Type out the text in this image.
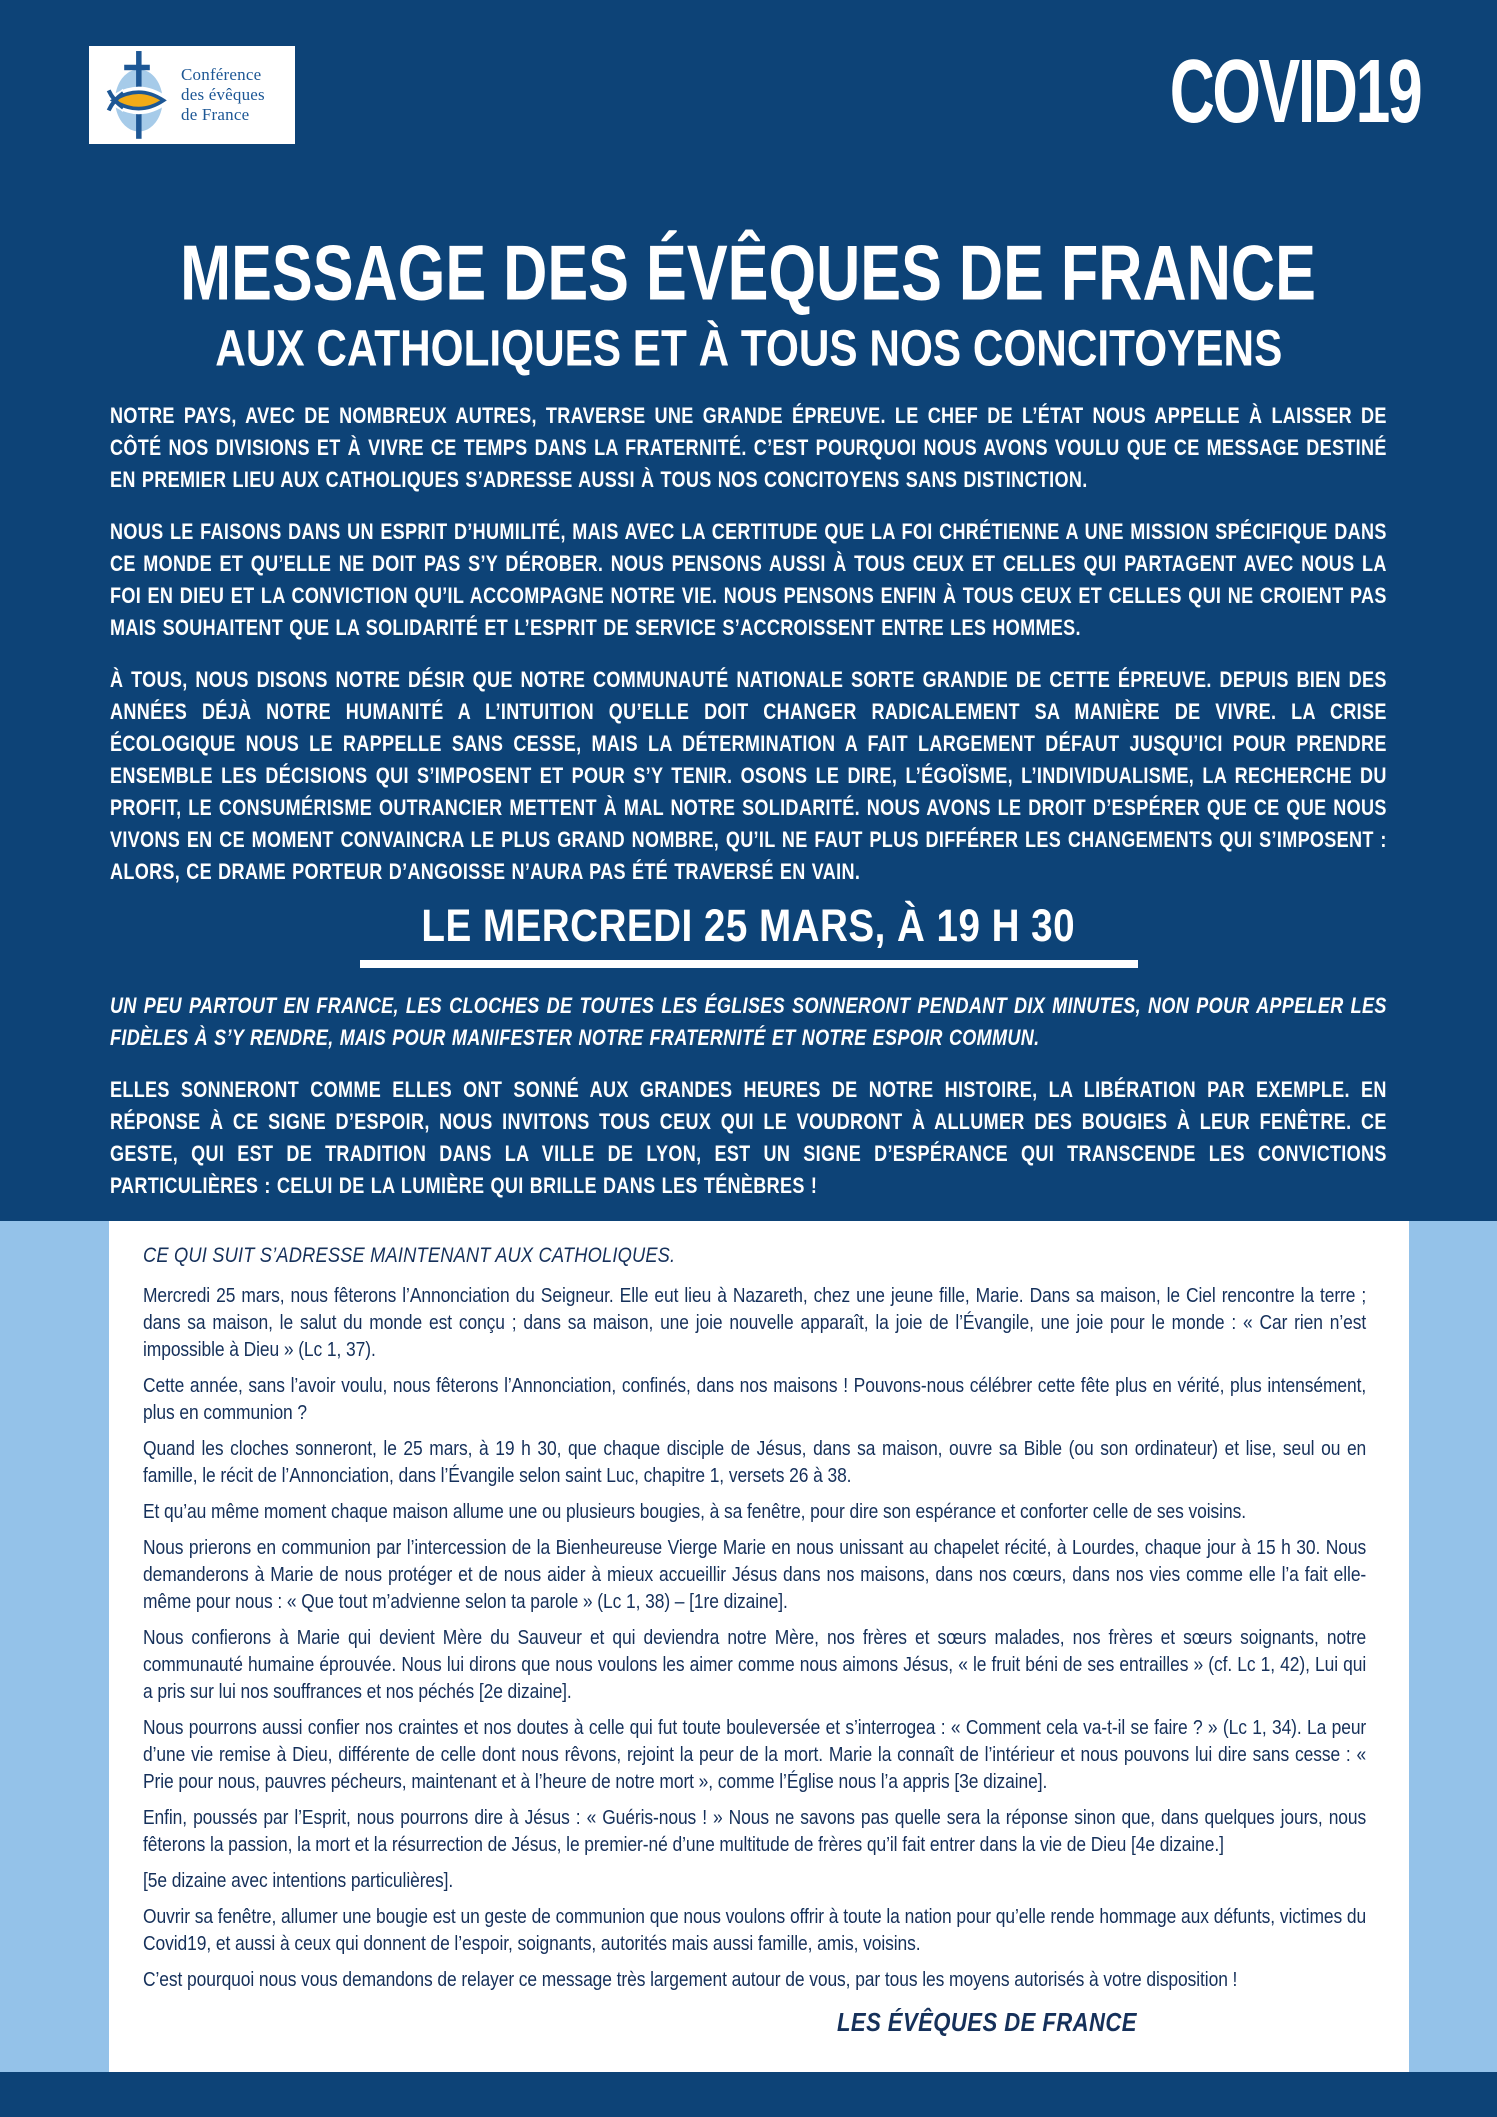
Conférence
des évêques
de France	COVID19
MESSAGE DES ÉVÊQUES DE FRANCE
AUX CATHOLIQUES ET À TOUS NOS CONCITOYENS

NOTRE PAYS, AVEC DE NOMBREUX AUTRES, TRAVERSE UNE GRANDE ÉPREUVE. LE CHEF DE L’ÉTAT NOUS APPELLE À LAISSER DE CÔTÉ NOS DIVISIONS ET À VIVRE CE TEMPS DANS LA FRATERNITÉ. C’EST POURQUOI NOUS AVONS VOULU QUE CE MESSAGE DESTINÉ EN PREMIER LIEU AUX CATHOLIQUES S’ADRESSE AUSSI À TOUS NOS CONCITOYENS SANS DISTINCTION.

NOUS LE FAISONS DANS UN ESPRIT D’HUMILITÉ, MAIS AVEC LA CERTITUDE QUE LA FOI CHRÉTIENNE A UNE MISSION SPÉCIFIQUE DANS CE MONDE ET QU’ELLE NE DOIT PAS S’Y DÉROBER. NOUS PENSONS AUSSI À TOUS CEUX ET CELLES QUI PARTAGENT AVEC NOUS LA FOI EN DIEU ET LA CONVICTION QU’IL ACCOMPAGNE NOTRE VIE. NOUS PENSONS ENFIN À TOUS CEUX ET CELLES QUI NE CROIENT PAS MAIS SOUHAITENT QUE LA SOLIDARITÉ ET L’ESPRIT DE SERVICE S’ACCROISSENT ENTRE LES HOMMES.

À TOUS, NOUS DISONS NOTRE DÉSIR QUE NOTRE COMMUNAUTÉ NATIONALE SORTE GRANDIE DE CETTE ÉPREUVE. DEPUIS BIEN DES ANNÉES DÉJÀ NOTRE HUMANITÉ A L’INTUITION QU’ELLE DOIT CHANGER RADICALEMENT SA MANIÈRE DE VIVRE. LA CRISE ÉCOLOGIQUE NOUS LE RAPPELLE SANS CESSE, MAIS LA DÉTERMINATION A FAIT LARGEMENT DÉFAUT JUSQU’ICI POUR PRENDRE ENSEMBLE LES DÉCISIONS QUI S’IMPOSENT ET POUR S’Y TENIR. OSONS LE DIRE, L’ÉGOÏSME, L’INDIVIDUALISME, LA RECHERCHE DU PROFIT, LE CONSUMÉRISME OUTRANCIER METTENT À MAL NOTRE SOLIDARITÉ. NOUS AVONS LE DROIT D’ESPÉRER QUE CE QUE NOUS VIVONS EN CE MOMENT CONVAINCRA LE PLUS GRAND NOMBRE, QU’IL NE FAUT PLUS DIFFÉRER LES CHANGEMENTS QUI S’IMPOSENT : ALORS, CE DRAME PORTEUR D’ANGOISSE N’AURA PAS ÉTÉ TRAVERSÉ EN VAIN.

LE MERCREDI 25 MARS, À 19 H 30

UN PEU PARTOUT EN FRANCE, LES CLOCHES DE TOUTES LES ÉGLISES SONNERONT PENDANT DIX MINUTES, NON POUR APPELER LES FIDÈLES À S’Y RENDRE, MAIS POUR MANIFESTER NOTRE FRATERNITÉ ET NOTRE ESPOIR COMMUN.

ELLES SONNERONT COMME ELLES ONT SONNÉ AUX GRANDES HEURES DE NOTRE HISTOIRE, LA LIBÉRATION PAR EXEMPLE. EN RÉPONSE À CE SIGNE D’ESPOIR, NOUS INVITONS TOUS CEUX QUI LE VOUDRONT À ALLUMER DES BOUGIES À LEUR FENÊTRE. CE GESTE, QUI EST DE TRADITION DANS LA VILLE DE LYON, EST UN SIGNE D’ESPÉRANCE QUI TRANSCENDE LES CONVICTIONS PARTICULIÈRES : CELUI DE LA LUMIÈRE QUI BRILLE DANS LES TÉNÈBRES !

CE QUI SUIT S’ADRESSE MAINTENANT AUX CATHOLIQUES.

Mercredi 25 mars, nous fêterons l’Annonciation du Seigneur. Elle eut lieu à Nazareth, chez une jeune fille, Marie. Dans sa maison, le Ciel rencontre la terre ; dans sa maison, le salut du monde est conçu ; dans sa maison, une joie nouvelle apparaît, la joie de l’Évangile, une joie pour le monde : « Car rien n’est impossible à Dieu » (Lc 1, 37).

Cette année, sans l’avoir voulu, nous fêterons l’Annonciation, confinés, dans nos maisons ! Pouvons-nous célébrer cette fête plus en vérité, plus intensément, plus en communion ?

Quand les cloches sonneront, le 25 mars, à 19 h 30, que chaque disciple de Jésus, dans sa maison, ouvre sa Bible (ou son ordinateur) et lise, seul ou en famille, le récit de l’Annonciation, dans l’Évangile selon saint Luc, chapitre 1, versets 26 à 38.

Et qu’au même moment chaque maison allume une ou plusieurs bougies, à sa fenêtre, pour dire son espérance et conforter celle de ses voisins.

Nous prierons en communion par l’intercession de la Bienheureuse Vierge Marie en nous unissant au chapelet récité, à Lourdes, chaque jour à 15 h 30. Nous demanderons à Marie de nous protéger et de nous aider à mieux accueillir Jésus dans nos maisons, dans nos cœurs, dans nos vies comme elle l’a fait elle-même pour nous : « Que tout m’advienne selon ta parole » (Lc 1, 38) – [1re dizaine].

Nous confierons à Marie qui devient Mère du Sauveur et qui deviendra notre Mère, nos frères et sœurs malades, nos frères et sœurs soignants, notre communauté humaine éprouvée. Nous lui dirons que nous voulons les aimer comme nous aimons Jésus, « le fruit béni de ses entrailles » (cf. Lc 1, 42), Lui qui a pris sur lui nos souffrances et nos péchés [2e dizaine].

Nous pourrons aussi confier nos craintes et nos doutes à celle qui fut toute bouleversée et s’interrogea : « Comment cela va-t-il se faire ? » (Lc 1, 34). La peur d’une vie remise à Dieu, différente de celle dont nous rêvons, rejoint la peur de la mort. Marie la connaît de l’intérieur et nous pouvons lui dire sans cesse : « Prie pour nous, pauvres pécheurs, maintenant et à l’heure de notre mort », comme l’Église nous l’a appris [3e dizaine].

Enfin, poussés par l’Esprit, nous pourrons dire à Jésus : « Guéris-nous ! » Nous ne savons pas quelle sera la réponse sinon que, dans quelques jours, nous fêterons la passion, la mort et la résurrection de Jésus, le premier-né d’une multitude de frères qu’il fait entrer dans la vie de Dieu [4e dizaine.]

[5e dizaine avec intentions particulières].

Ouvrir sa fenêtre, allumer une bougie est un geste de communion que nous voulons offrir à toute la nation pour qu’elle rende hommage aux défunts, victimes du Covid19, et aussi à ceux qui donnent de l’espoir, soignants, autorités mais aussi famille, amis, voisins.

C’est pourquoi nous vous demandons de relayer ce message très largement autour de vous, par tous les moyens autorisés à votre disposition !

LES ÉVÊQUES DE FRANCE
